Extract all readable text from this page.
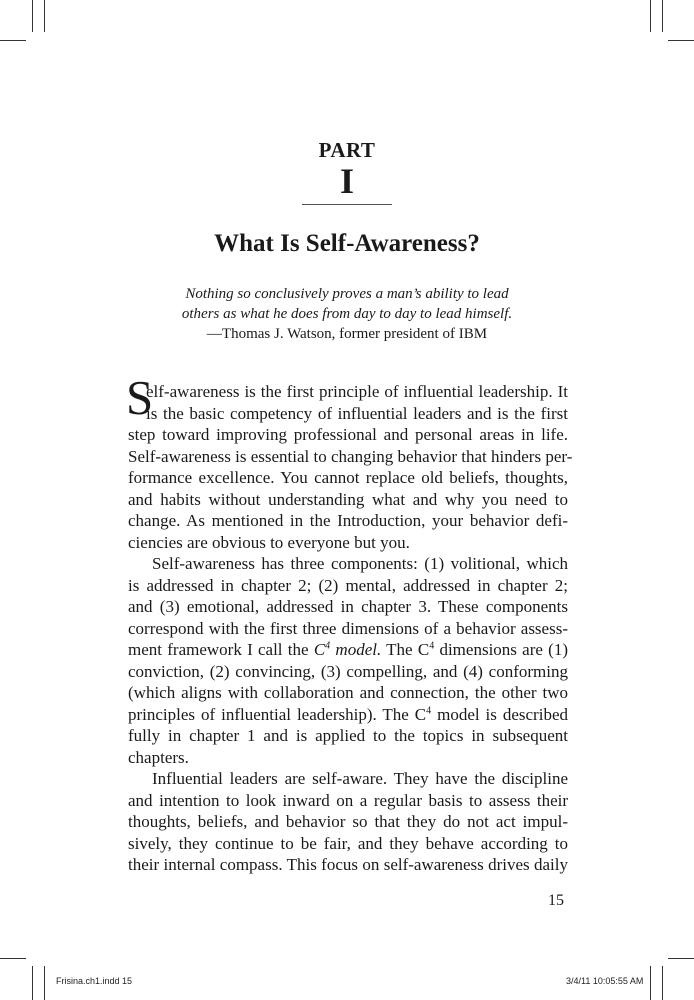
PART
I
What Is Self-Awareness?
Nothing so conclusively proves a man’s ability to lead
others as what he does from day to day to lead himself.
—Thomas J. Watson, former president of IBM
S
elf-awareness is the first principle of influential leadership. It
is the basic competency of influential leaders and is the first
step toward improving professional and personal areas in life.
Self-awareness is essential to changing behavior that hinders per-
formance excellence. You cannot replace old beliefs, thoughts,
and habits without understanding what and why you need to
change. As mentioned in the Introduction, your behavior defi-
ciencies are obvious to everyone but you.
Self-awareness has three components: (1) volitional, which
is addressed in chapter 2; (2) mental, addressed in chapter 2;
and (3) emotional, addressed in chapter 3. These components
correspond with the first three dimensions of a behavior assess-
ment framework I call the $C^4$ model. The $C^4$ dimensions are (1)
conviction, (2) convincing, (3) compelling, and (4) conforming
(which aligns with collaboration and connection, the other two
principles of influential leadership). The $C^4$ model is described
fully in chapter 1 and is applied to the topics in subsequent
chapters.
Influential leaders are self-aware. They have the discipline
and intention to look inward on a regular basis to assess their
thoughts, beliefs, and behavior so that they do not act impul-
sively, they continue to be fair, and they behave according to
their internal compass. This focus on self-awareness drives daily
15
Frisina.ch1.indd 15	3/4/11 10:05:55 AM
